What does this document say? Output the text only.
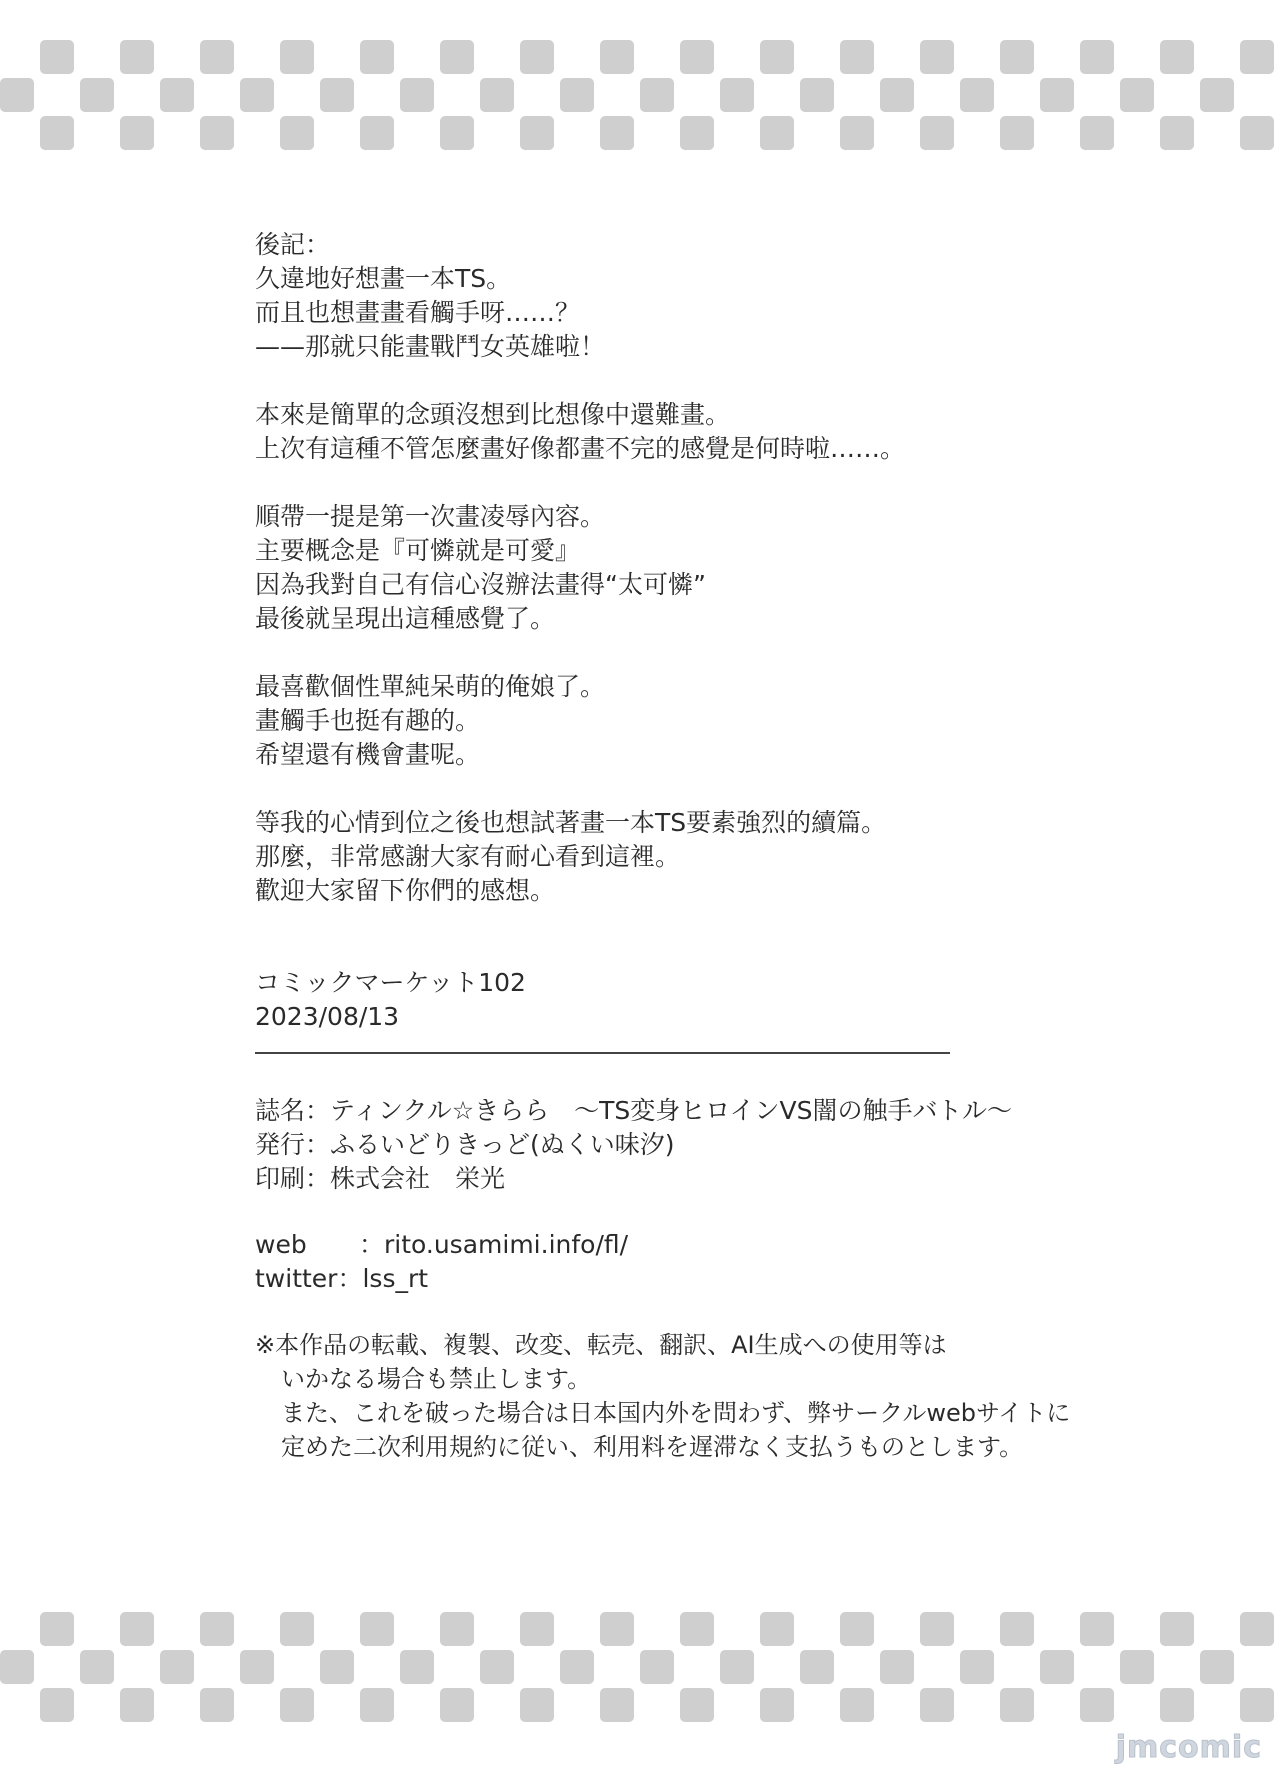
後記：
久違地好想畫一本TS。
而且也想畫畫看觸手呀……？
——那就只能畫戰鬥女英雄啦！
本來是簡單的念頭沒想到比想像中還難畫。
上次有這種不管怎麼畫好像都畫不完的感覺是何時啦……。
順帶一提是第一次畫凌辱內容。
主要概念是『可憐就是可愛』
因為我對自己有信心沒辦法畫得“太可憐”
最後就呈現出這種感覺了。
最喜歡個性單純呆萌的俺娘了。
畫觸手也挺有趣的。
希望還有機會畫呢。
等我的心情到位之後也想試著畫一本TS要素強烈的續篇。
那麼，非常感謝大家有耐心看到這裡。
歡迎大家留下你們的感想。
コミックマーケット102
2023/08/13
誌名：ティンクル☆きらら　～TS変身ヒロインVS闇の触手バトル～
発行：ふるいどりきっど(ぬくい味汐)
印刷：株式会社　栄光
web ：rito.usamimi.info/fl/
twitter：lss_rt
※本作品の転載、複製、改変、転売、翻訳、AI生成への使用等は
いかなる場合も禁止します。
また、これを破った場合は日本国内外を問わず、弊サークルwebサイトに
定めた二次利用規約に従い、利用料を遅滞なく支払うものとします。
jmcomic
